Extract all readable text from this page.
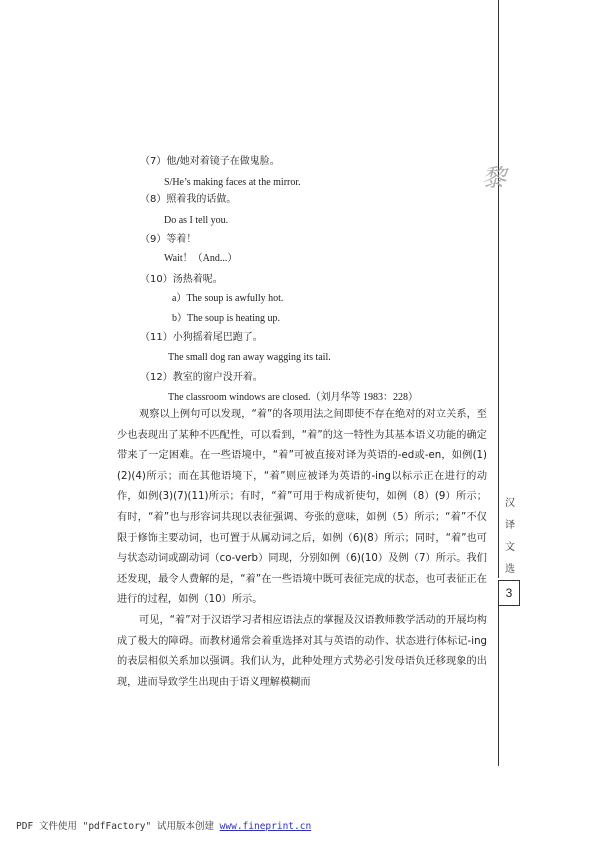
（7）他/她对着镜子在做鬼脸。
S/He’s making faces at the mirror.
（8）照着我的话做。
Do as I tell you.
（9）等着！
Wait！（And...）
（10）汤热着呢。
a）The soup is awfully hot.
b）The soup is heating up.
（11）小狗摇着尾巴跑了。
The small dog ran away wagging its tail.
（12）教室的窗户没开着。
The classroom windows are closed.（刘月华等 1983：228）

观察以上例句可以发现，“着”的各项用法之间即使不存在绝对的对立关系，至少也表现出了某种不匹配性，可以看到，“着”的这一特性为其基本语义功能的确定带来了一定困难。在一些语境中，“着”可被直接对译为英语的-ed或-en，如例(1)(2)(4)所示；而在其他语境下，“着”则应被译为英语的-ing以标示正在进行的动作，如例(3)(7)(11)所示；有时，“着”可用于构成祈使句，如例（8）(9）所示；有时，“着”也与形容词共现以表征强调、夸张的意味，如例（5）所示；“着”不仅限于修饰主要动词，也可置于从属动词之后，如例（6)(8）所示；同时，“着”也可与状态动词或副动词（co-verb）同现，分别如例（6)(10）及例（7）所示。我们还发现，最令人费解的是，“着”在一些语境中既可表征完成的状态，也可表征正在进行的过程，如例（10）所示。

可见，“着”对于汉语学习者相应语法点的掌握及汉语教师教学活动的开展均构成了极大的障碍。而教材通常会着重选择对其与英语的动作、状态进行体标记-ing的表层相似关系加以强调。我们认为，此种处理方式势必引发母语负迁移现象的出现，进而导致学生出现由于语义理解模糊而

黎
汉
译
文
选
3
PDF 文件使用 "pdfFactory" 试用版本创建 www.fineprint.cn
